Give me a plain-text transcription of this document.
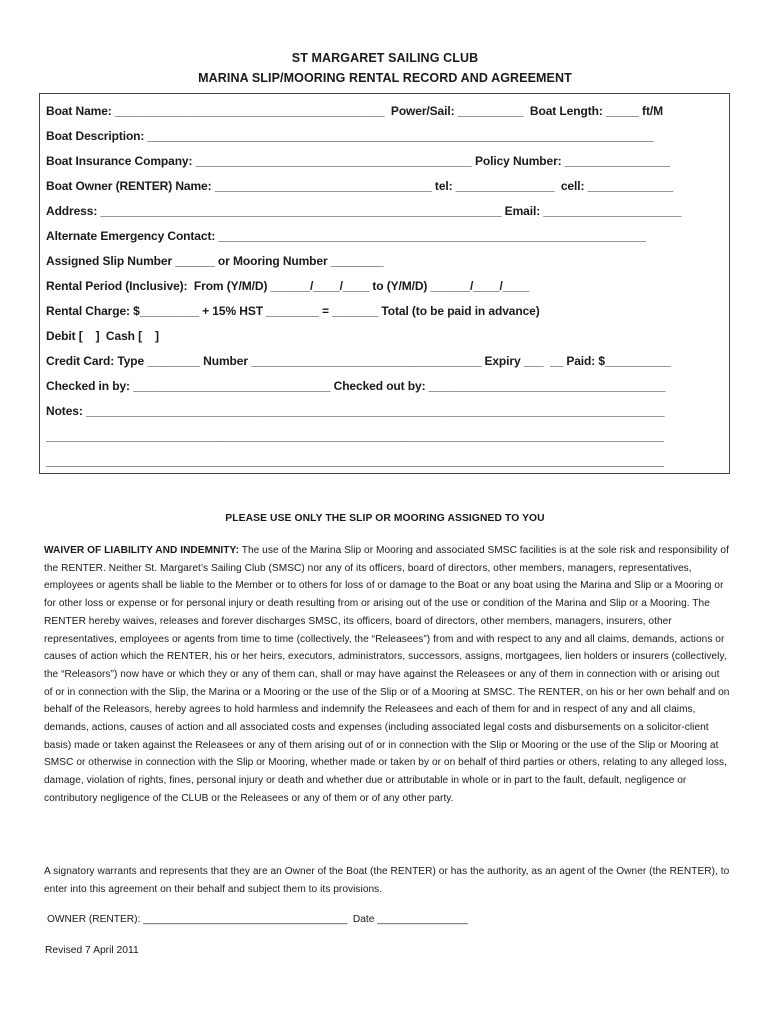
ST MARGARET SAILING CLUB
MARINA SLIP/MOORING RENTAL RECORD AND AGREEMENT
Boat Name: _________________________________________  Power/Sail: __________  Boat Length: _____ ft/M
Boat Description: _____________________________________________________________________________
Boat Insurance Company: __________________________________________ Policy Number: ________________
Boat Owner (RENTER) Name: _________________________________ tel: _______________  cell: _____________
Address: _____________________________________________________________ Email: _____________________
Alternate Emergency Contact: _________________________________________________________________
Assigned Slip Number ______ or Mooring Number ________
Rental Period (Inclusive):  From (Y/M/D) ______/____/____ to (Y/M/D) ______/____/____
Rental Charge: $_________ + 15% HST ________ = _______ Total (to be paid in advance)
Debit [    ]  Cash [    ]
Credit Card: Type ________ Number ___________________________________ Expiry ___  __ Paid: $__________
Checked in by: ______________________________ Checked out by: ____________________________________
Notes: ________________________________________________________________________________________
______________________________________________________________________________________________
______________________________________________________________________________________________
PLEASE USE ONLY THE SLIP OR MOORING ASSIGNED TO YOU
WAIVER OF LIABILITY AND INDEMNITY: The use of the Marina Slip or Mooring and associated SMSC facilities is at the sole risk and responsibility of the RENTER. Neither St. Margaret’s Sailing Club (SMSC) nor any of its officers, board of directors, other members, managers, representatives, employees or agents shall be liable to the Member or to others for loss of or damage to the Boat or any boat using the Marina and Slip or a Mooring or for other loss or expense or for personal injury or death resulting from or arising out of the use or condition of the Marina and Slip or a Mooring. The RENTER hereby waives, releases and forever discharges SMSC, its officers, board of directors, other members, managers, insurers, other representatives, employees or agents from time to time (collectively, the “Releasees”) from and with respect to any and all claims, demands, actions or causes of action which the RENTER, his or her heirs, executors, administrators, successors, assigns, mortgagees, lien holders or insurers (collectively, the “Releasors”) now have or which they or any of them can, shall or may have against the Releasees or any of them in connection with or arising out of or in connection with the Slip, the Marina or a Mooring or the use of the Slip or of a Mooring at SMSC. The RENTER, on his or her own behalf and on behalf of the Releasors, hereby agrees to hold harmless and indemnify the Releasees and each of them for and in respect of any and all claims, demands, actions, causes of action and all associated costs and expenses (including associated legal costs and disbursements on a solicitor-client basis) made or taken against the Releasees or any of them arising out of or in connection with the Slip or Mooring or the use of the Slip or Mooring at SMSC or otherwise in connection with the Slip or Mooring, whether made or taken by or on behalf of third parties or others, relating to any alleged loss, damage, violation of rights, fines, personal injury or death and whether due or attributable in whole or in part to the fault, default, negligence or contributory negligence of the CLUB or the Releasees or any of them or of any other party.
A signatory warrants and represents that they are an Owner of the Boat (the RENTER) or has the authority, as an agent of the Owner (the RENTER), to enter into this agreement on their behalf and subject them to its provisions.
OWNER (RENTER): ____________________________________  Date ________________
Revised 7 April 2011
